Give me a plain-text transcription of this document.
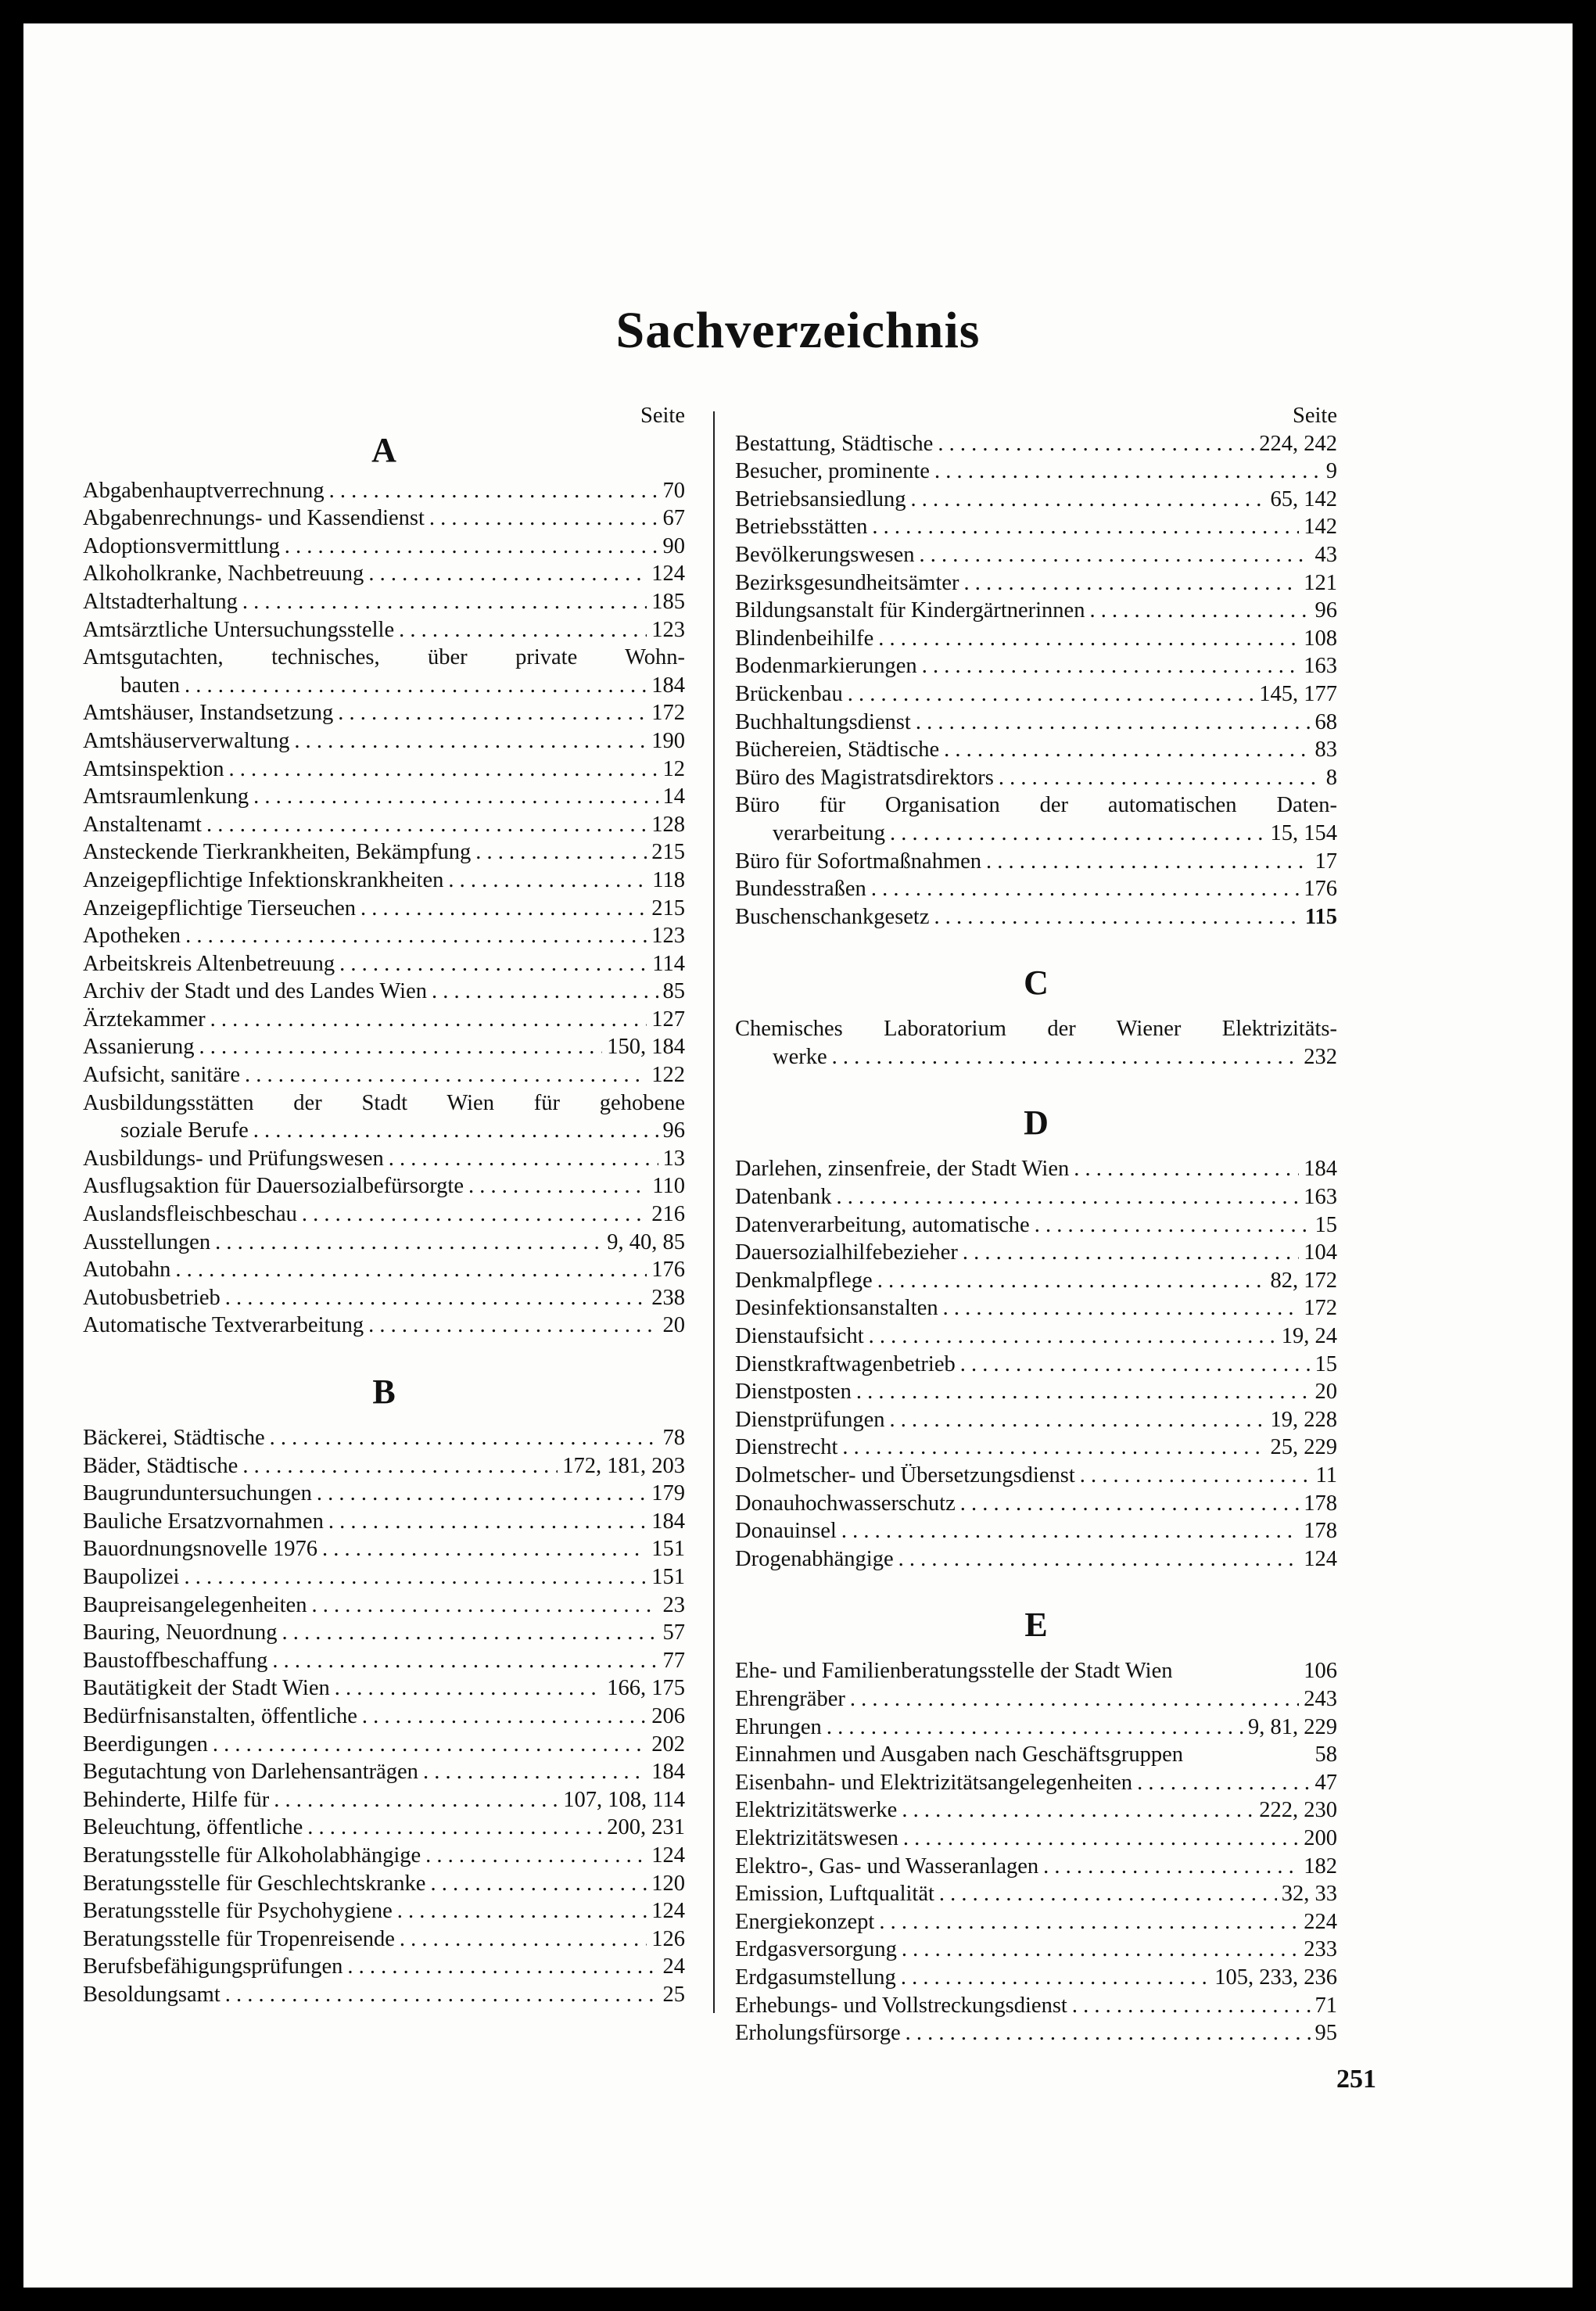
Sachverzeichnis
Seite
A
Abgabenhauptverrechnung . . .	70
Abgabenrechnungs- und Kassendienst . . .	67
Adoptionsvermittlung . . .	90
Alkoholkranke, Nachbetreuung . . .	124
Altstadterhaltung . . .	185
Amtsärztliche Untersuchungsstelle . . .	123
Amtsgutachten, technisches, über private Wohn-
bauten . . .	184
Amtshäuser, Instandsetzung . . .	172
Amtshäuserverwaltung . . .	190
Amtsinspektion . . .	12
Amtsraumlenkung . . .	14
Anstaltenamt . . .	128
Ansteckende Tierkrankheiten, Bekämpfung . . .	215
Anzeigepflichtige Infektionskrankheiten . . .	118
Anzeigepflichtige Tierseuchen . . .	215
Apotheken . . .	123
Arbeitskreis Altenbetreuung . . .	114
Archiv der Stadt und des Landes Wien . . .	85
Ärztekammer . . .	127
Assanierung . . .	150, 184
Aufsicht, sanitäre . . .	122
Ausbildungsstätten der Stadt Wien für gehobene
soziale Berufe . . .	96
Ausbildungs- und Prüfungswesen . . .	13
Ausflugsaktion für Dauersozialbefürsorgte . . .	110
Auslandsfleischbeschau . . .	216
Ausstellungen . . .	9, 40, 85
Autobahn . . .	176
Autobusbetrieb . . .	238
Automatische Textverarbeitung . . .	20
B
Bäckerei, Städtische . . .	78
Bäder, Städtische . . .	172, 181, 203
Baugrunduntersuchungen . . .	179
Bauliche Ersatzvornahmen . . .	184
Bauordnungsnovelle 1976 . . .	151
Baupolizei . . .	151
Baupreisangelegenheiten . . .	23
Bauring, Neuordnung . . .	57
Baustoffbeschaffung . . .	77
Bautätigkeit der Stadt Wien . . .	166, 175
Bedürfnisanstalten, öffentliche . . .	206
Beerdigungen . . .	202
Begutachtung von Darlehensanträgen . . .	184
Behinderte, Hilfe für . . .	107, 108, 114
Beleuchtung, öffentliche . . .	200, 231
Beratungsstelle für Alkoholabhängige . . .	124
Beratungsstelle für Geschlechtskranke . . .	120
Beratungsstelle für Psychohygiene . . .	124
Beratungsstelle für Tropenreisende . . .	126
Berufsbefähigungsprüfungen . . .	24
Besoldungsamt . . .	25
Seite
Bestattung, Städtische . . .	224, 242
Besucher, prominente . . .	9
Betriebsansiedlung . . .	65, 142
Betriebsstätten . . .	142
Bevölkerungswesen . . .	43
Bezirksgesundheitsämter . . .	121
Bildungsanstalt für Kindergärtnerinnen . . .	96
Blindenbeihilfe . . .	108
Bodenmarkierungen . . .	163
Brückenbau . . .	145, 177
Buchhaltungsdienst . . .	68
Büchereien, Städtische . . .	83
Büro des Magistratsdirektors . . .	8
Büro für Organisation der automatischen Daten-
verarbeitung . . .	15, 154
Büro für Sofortmaßnahmen . . .	17
Bundesstraßen . . .	176
Buschenschankgesetz . . .	115
C
Chemisches Laboratorium der Wiener Elektrizitäts-
werke . . .	232
D
Darlehen, zinsenfreie, der Stadt Wien . . .	184
Datenbank . . .	163
Datenverarbeitung, automatische . . .	15
Dauersozialhilfebezieher . . .	104
Denkmalpflege . . .	82, 172
Desinfektionsanstalten . . .	172
Dienstaufsicht . . .	19, 24
Dienstkraftwagenbetrieb . . .	15
Dienstposten . . .	20
Dienstprüfungen . . .	19, 228
Dienstrecht . . .	25, 229
Dolmetscher- und Übersetzungsdienst . . .	11
Donauhochwasserschutz . . .	178
Donauinsel . . .	178
Drogenabhängige . . .	124
E
Ehe- und Familienberatungsstelle der Stadt Wien	106
Ehrengräber . . .	243
Ehrungen . . .	9, 81, 229
Einnahmen und Ausgaben nach Geschäftsgruppen	58
Eisenbahn- und Elektrizitätsangelegenheiten . . .	47
Elektrizitätswerke . . .	222, 230
Elektrizitätswesen . . .	200
Elektro-, Gas- und Wasseranlagen . . .	182
Emission, Luftqualität . . .	32, 33
Energiekonzept . . .	224
Erdgasversorgung . . .	233
Erdgasumstellung . . .	105, 233, 236
Erhebungs- und Vollstreckungsdienst . . .	71
Erholungsfürsorge . . .	95
251
